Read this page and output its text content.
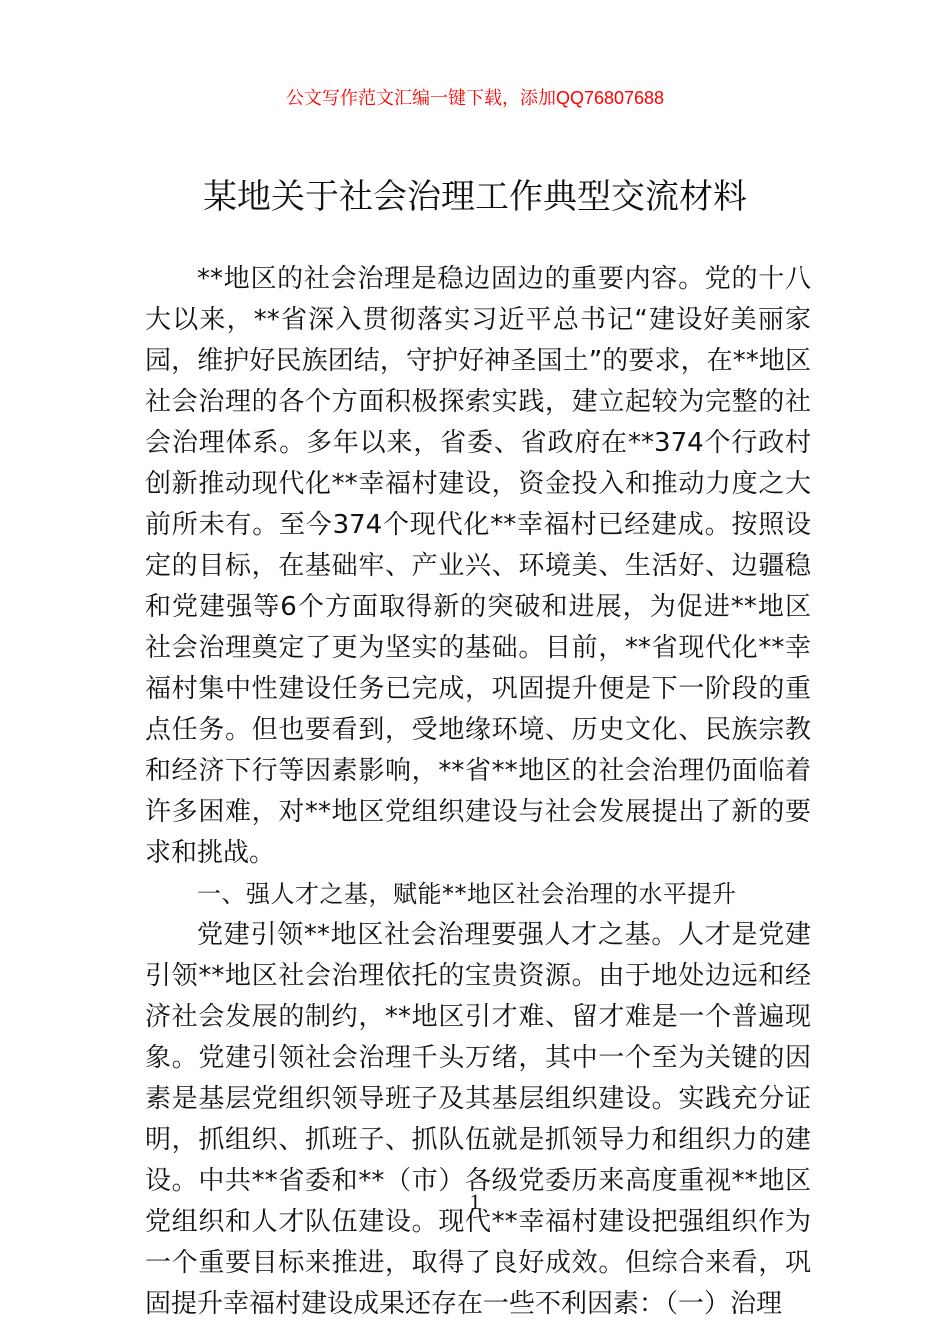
公文写作范文汇编一键下载，添加QQ76807688
某地关于社会治理工作典型交流材料

**地区的社会治理是稳边固边的重要内容。党的十八大以来，**省深入贯彻落实习近平总书记“建设好美丽家园，维护好民族团结，守护好神圣国土”的要求，在**地区社会治理的各个方面积极探索实践，建立起较为完整的社会治理体系。多年以来，省委、省政府在**374个行政村创新推动现代化**幸福村建设，资金投入和推动力度之大前所未有。至今374个现代化**幸福村已经建成。按照设定的目标，在基础牢、产业兴、环境美、生活好、边疆稳和党建强等6个方面取得新的突破和进展，为促进**地区社会治理奠定了更为坚实的基础。目前，**省现代化**幸福村集中性建设任务已完成，巩固提升便是下一阶段的重点任务。但也要看到，受地缘环境、历史文化、民族宗教和经济下行等因素影响，**省**地区的社会治理仍面临着许多困难，对**地区党组织建设与社会发展提出了新的要求和挑战。

一、强人才之基，赋能**地区社会治理的水平提升

党建引领**地区社会治理要强人才之基。人才是党建引领**地区社会治理依托的宝贵资源。由于地处边远和经济社会发展的制约，**地区引才难、留才难是一个普遍现象。党建引领社会治理千头万绪，其中一个至为关键的因素是基层党组织领导班子及其基层组织建设。实践充分证明，抓组织、抓班子、抓队伍就是抓领导力和组织力的建设。中共**省委和**（市）各级党委历来高度重视**地区党组织和人才队伍建设。现代**幸福村建设把强组织作为一个重要目标来推进，取得了良好成效。但综合来看，巩固提升幸福村建设成果还存在一些不利因素：（一）治理

1
